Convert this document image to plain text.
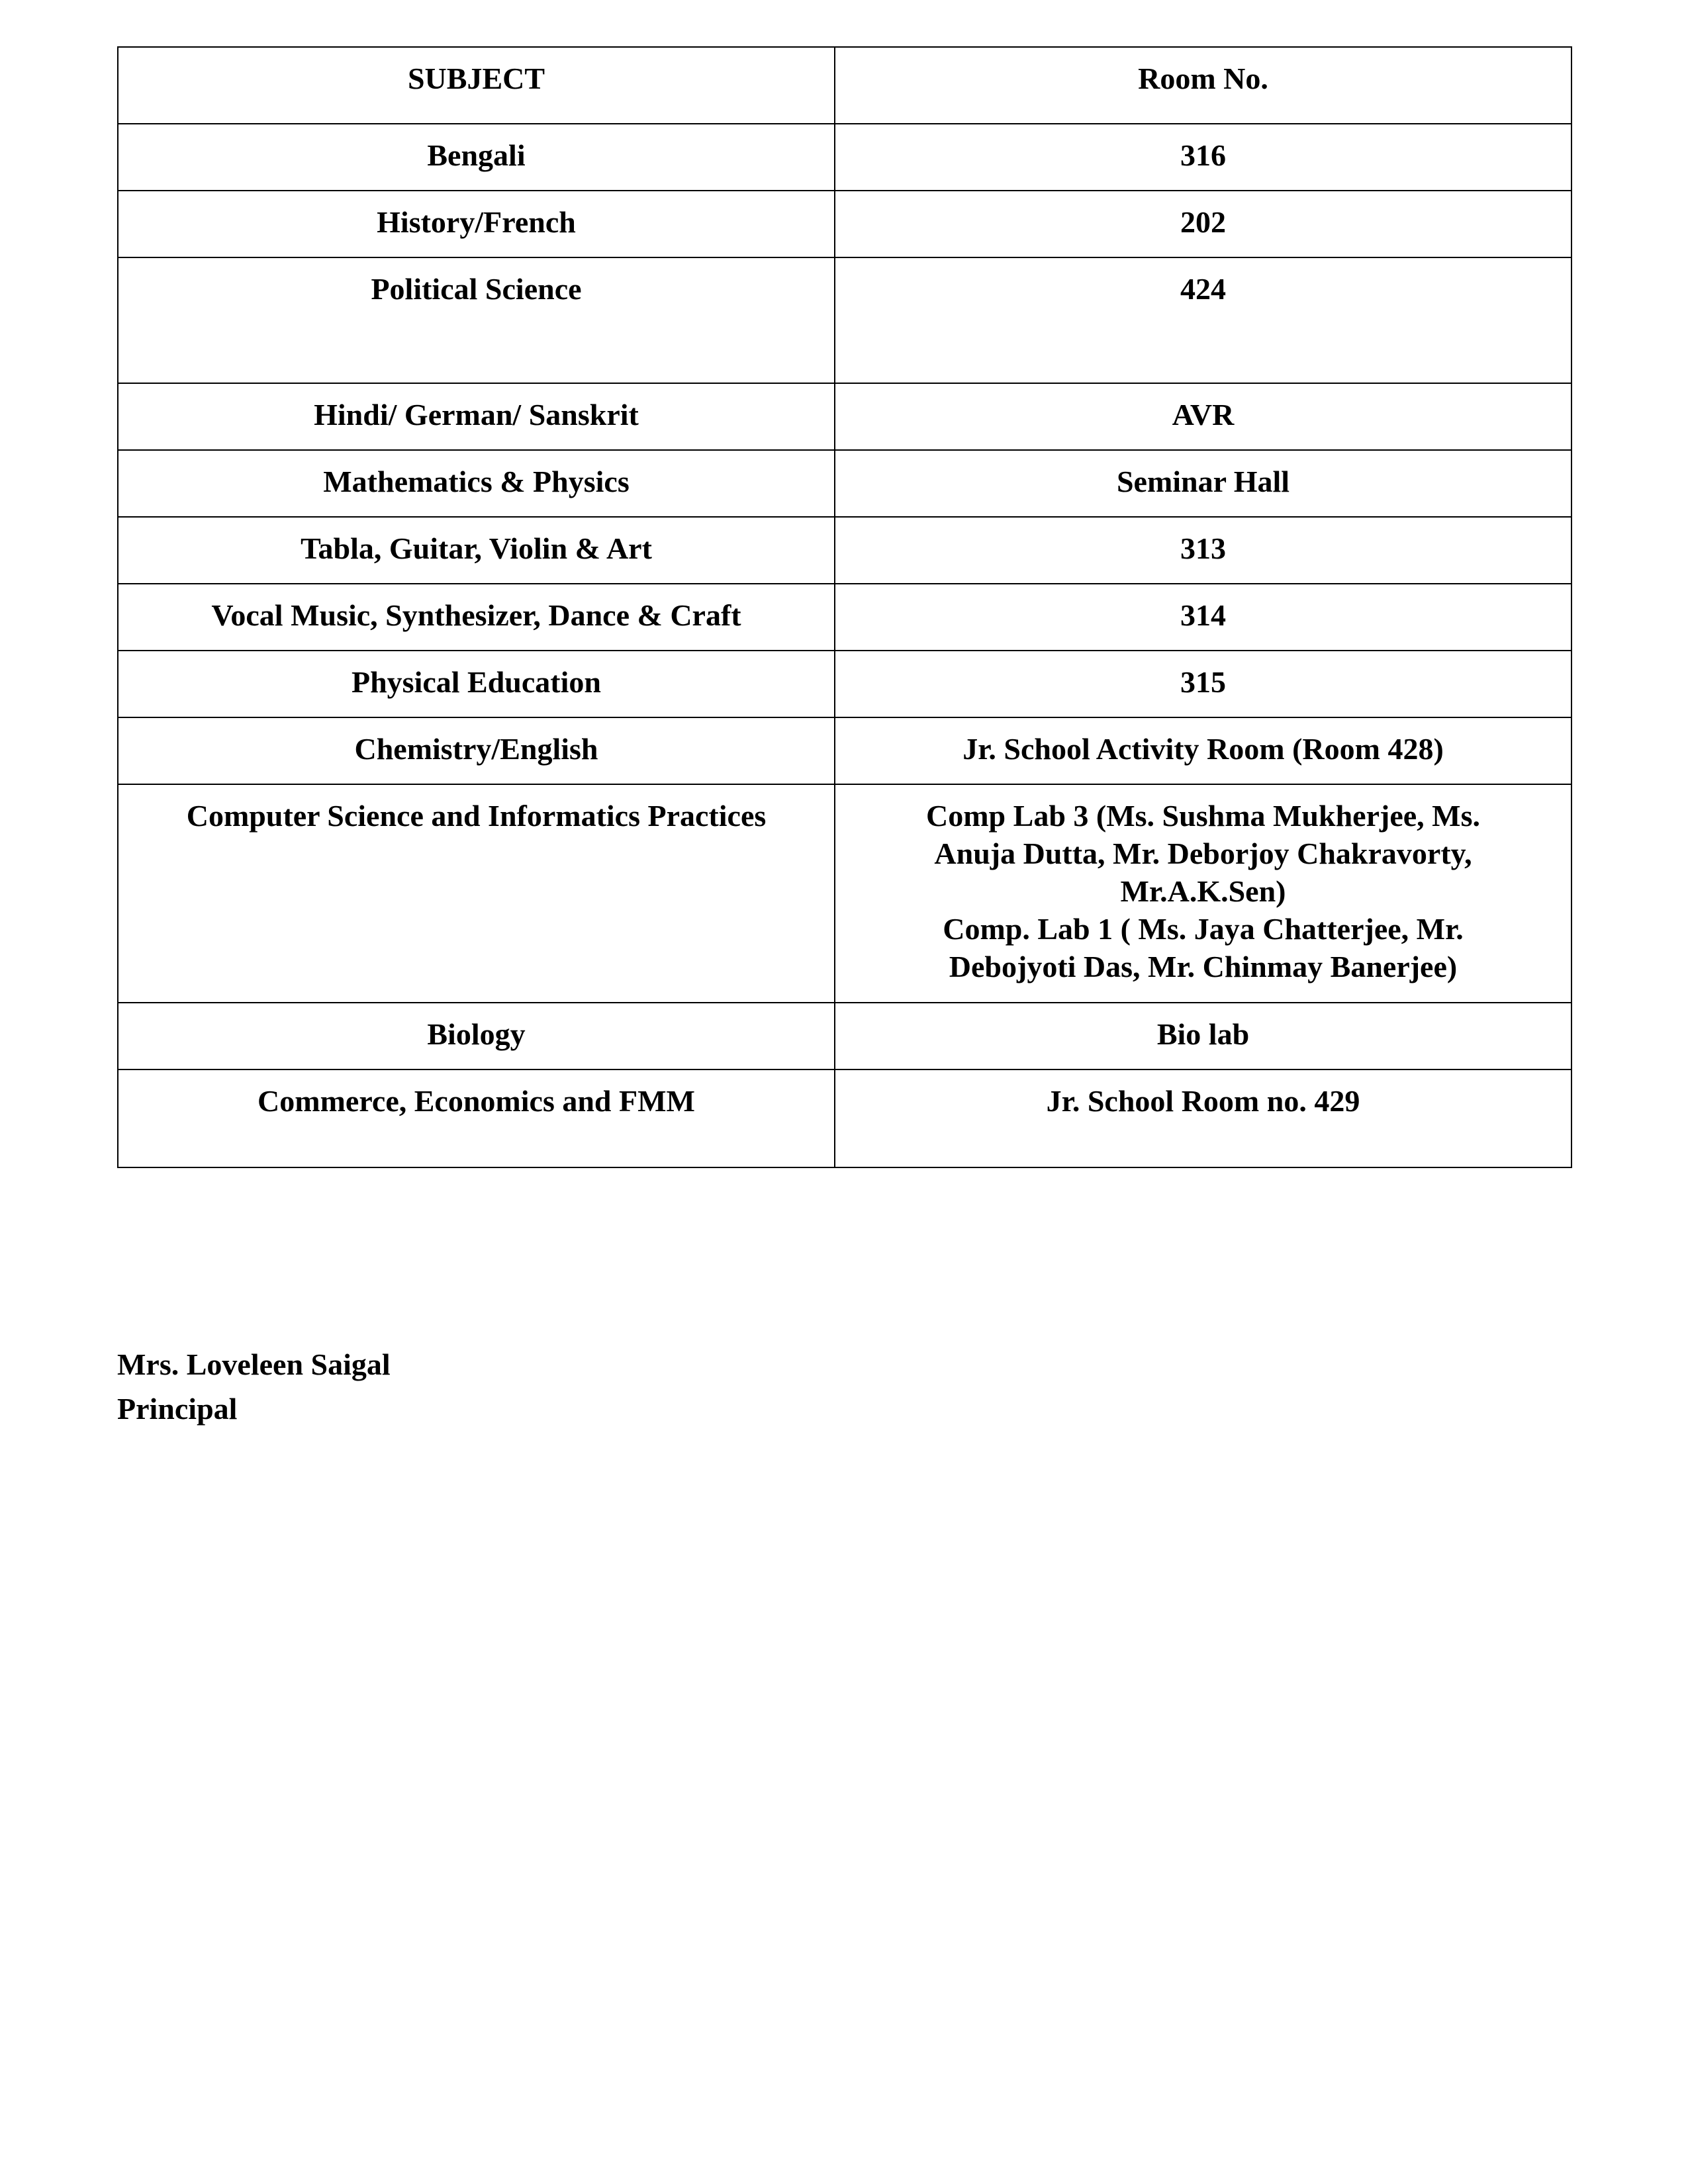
SUBJECT	Room No.
Bengali	316

History/French	202

Political Science	424

Hindi/ German/ Sanskrit	AVR

Mathematics & Physics	Seminar Hall

Tabla, Guitar, Violin & Art	313

Vocal Music, Synthesizer, Dance & Craft	314

Physical Education	315

Chemistry/English	Jr. School Activity Room (Room 428)

Computer Science and Informatics Practices	Comp Lab 3 (Ms. Sushma Mukherjee, Ms.
Anuja Dutta, Mr. Deborjoy Chakravorty,
Mr.A.K.Sen)
Comp. Lab 1 ( Ms. Jaya Chatterjee, Mr.
Debojyoti Das, Mr. Chinmay Banerjee)

Biology	Bio lab

Commerce, Economics and FMM	Jr. School Room no. 429
Mrs. Loveleen Saigal
Principal
